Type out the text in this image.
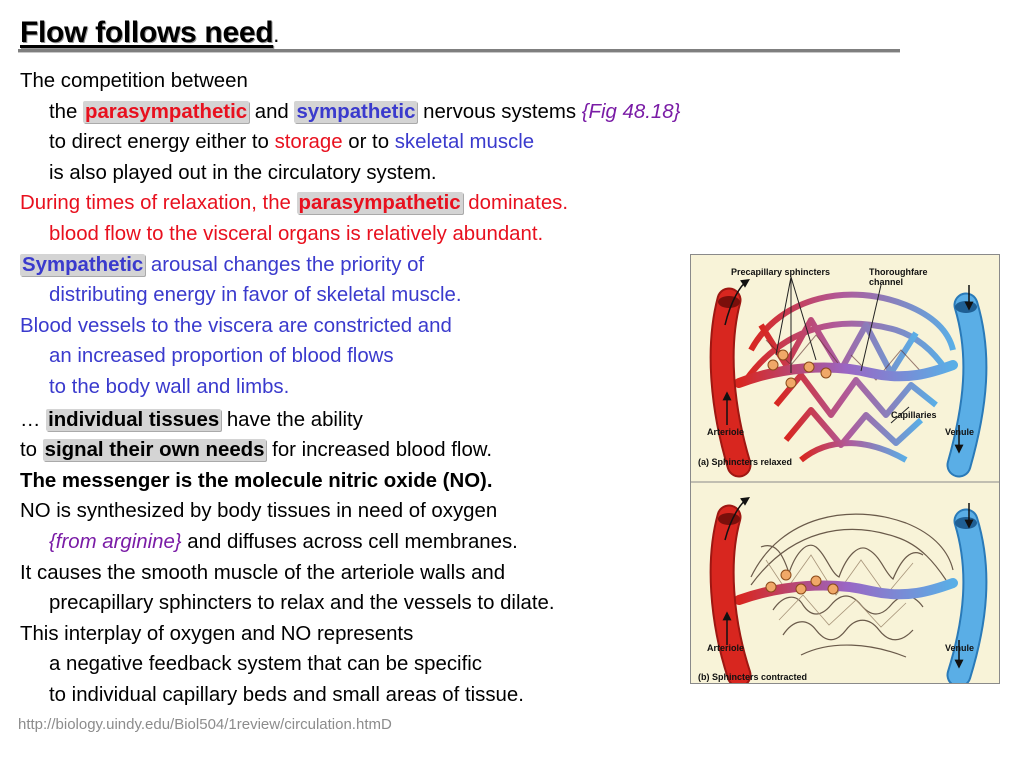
Flow follows need.
The competition between
the parasympathetic and sympathetic nervous systems {Fig 48.18}
to direct energy either to storage or to skeletal muscle
is also played out in the circulatory system.
During times of relaxation, the parasympathetic dominates.
blood flow to the visceral organs is relatively abundant.
Sympathetic arousal changes the priority of
distributing energy in favor of skeletal muscle.
Blood vessels to the viscera are constricted and
an increased proportion of blood flows
to the body wall and limbs.
… individual tissues have the ability
to signal their own needs for increased blood flow.
The messenger is the molecule nitric oxide (NO).
NO is synthesized by body tissues in need of oxygen
{from arginine} and diffuses across cell membranes.
It causes the smooth muscle of the arteriole walls and
precapillary sphincters to relax and the vessels to dilate.
This interplay of oxygen and NO represents
a negative feedback system that can be specific
to individual capillary beds and small areas of tissue.
Precapillary sphincters	Thoroughfare
channel
Capillaries
Arteriole	Venule
(a) Sphincters relaxed
Arteriole	Venule
(b) Sphincters contracted
http://biology.uindy.edu/Biol504/1review/circulation.htmD
